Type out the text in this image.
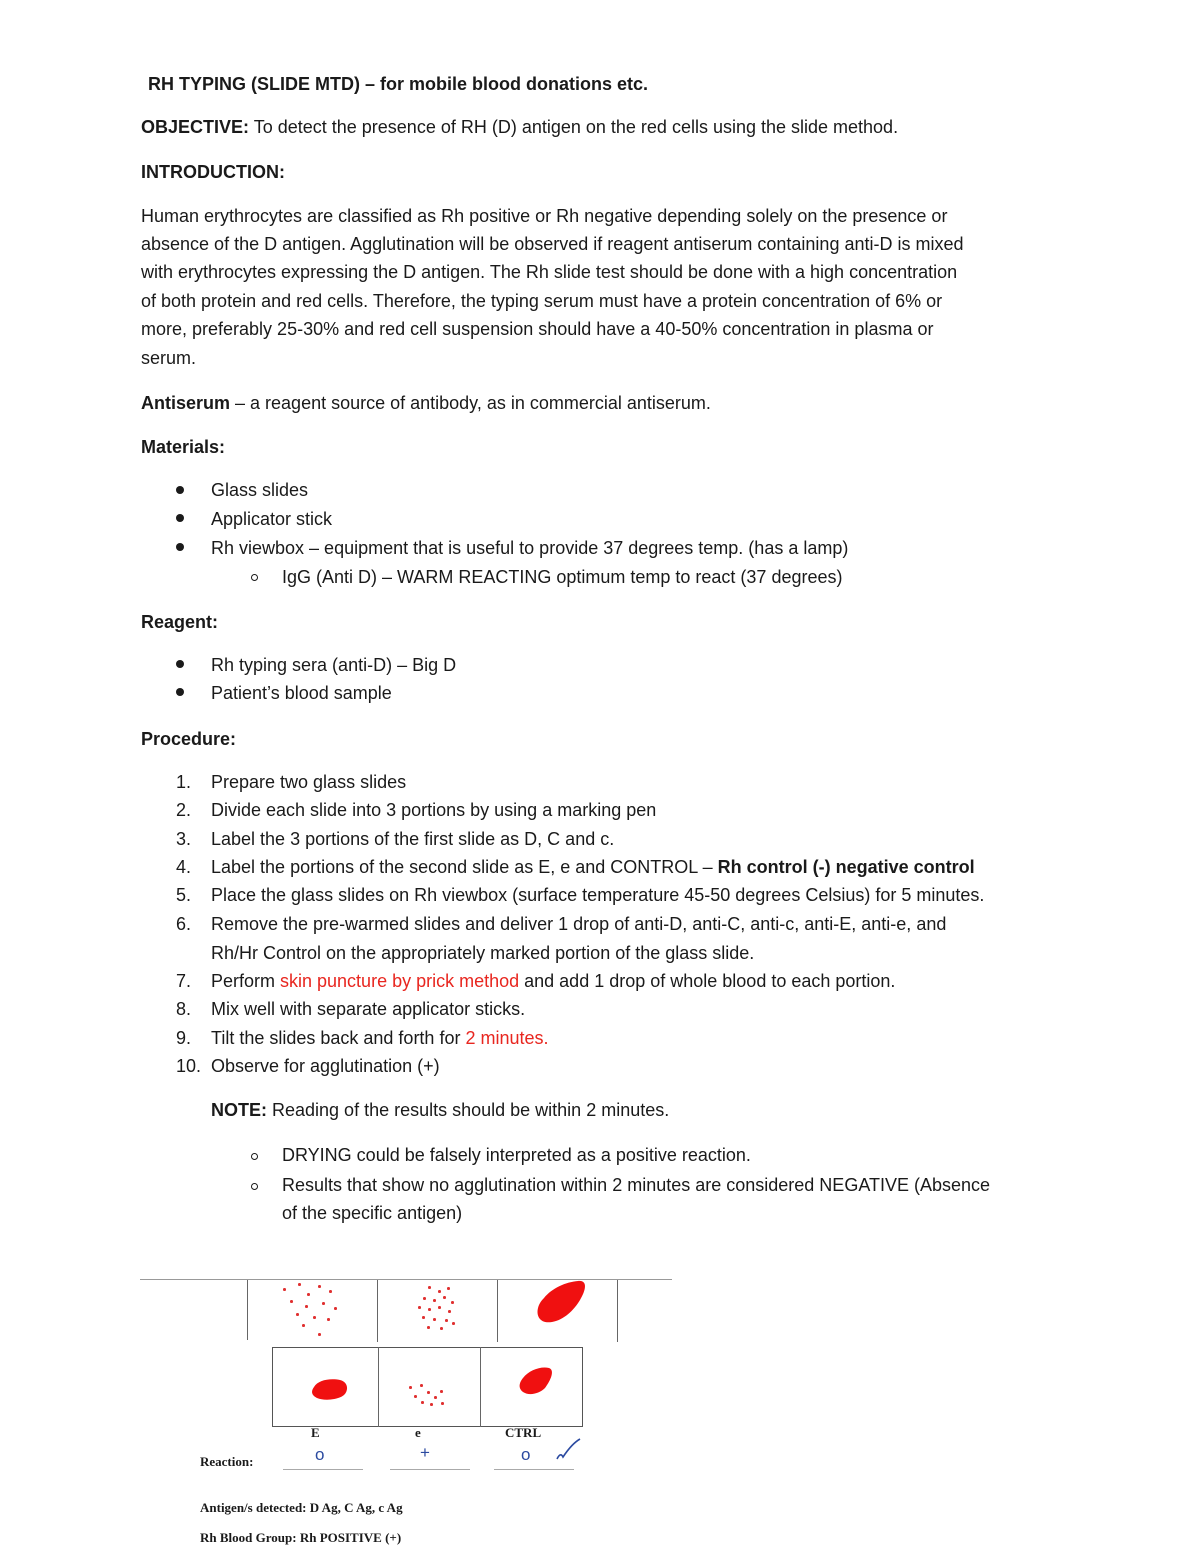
RH TYPING (SLIDE MTD) – for mobile blood donations etc.
OBJECTIVE: To detect the presence of RH (D) antigen on the red cells using the slide method.
INTRODUCTION:
Human erythrocytes are classified as Rh positive or Rh negative depending solely on the presence or
absence of the D antigen. Agglutination will be observed if reagent antiserum containing anti-D is mixed
with erythrocytes expressing the D antigen. The Rh slide test should be done with a high concentration
of both protein and red cells. Therefore, the typing serum must have a protein concentration of 6% or
more, preferably 25-30% and red cell suspension should have a 40-50% concentration in plasma or
serum.
Antiserum – a reagent source of antibody, as in commercial antiserum.
Materials:
Glass slides
Applicator stick
Rh viewbox – equipment that is useful to provide 37 degrees temp. (has a lamp)
IgG (Anti D) – WARM REACTING optimum temp to react (37 degrees)
Reagent:
Rh typing sera (anti-D) – Big D
Patient’s blood sample
Procedure:
1.	Prepare two glass slides
2.	Divide each slide into 3 portions by using a marking pen
3.	Label the 3 portions of the first slide as D, C and c.
4.	Label the portions of the second slide as E, e and CONTROL – Rh control (-) negative control
5.	Place the glass slides on Rh viewbox (surface temperature 45-50 degrees Celsius) for 5 minutes.
6.	Remove the pre-warmed slides and deliver 1 drop of anti-D, anti-C, anti-c, anti-E, anti-e, and
Rh/Hr Control on the appropriately marked portion of the glass slide.
7.	Perform skin puncture by prick method and add 1 drop of whole blood to each portion.
8.	Mix well with separate applicator sticks.
9.	Tilt the slides back and forth for 2 minutes.
10. Observe for agglutination (+)
NOTE: Reading of the results should be within 2 minutes.
DRYING could be falsely interpreted as a positive reaction.
Results that show no agglutination within 2 minutes are considered NEGATIVE (Absence
of the specific antigen)
E	e	CTRL
Reaction:	o	+	o
Antigen/s detected: D Ag, C Ag, c Ag
Rh Blood Group: Rh POSITIVE (+)
